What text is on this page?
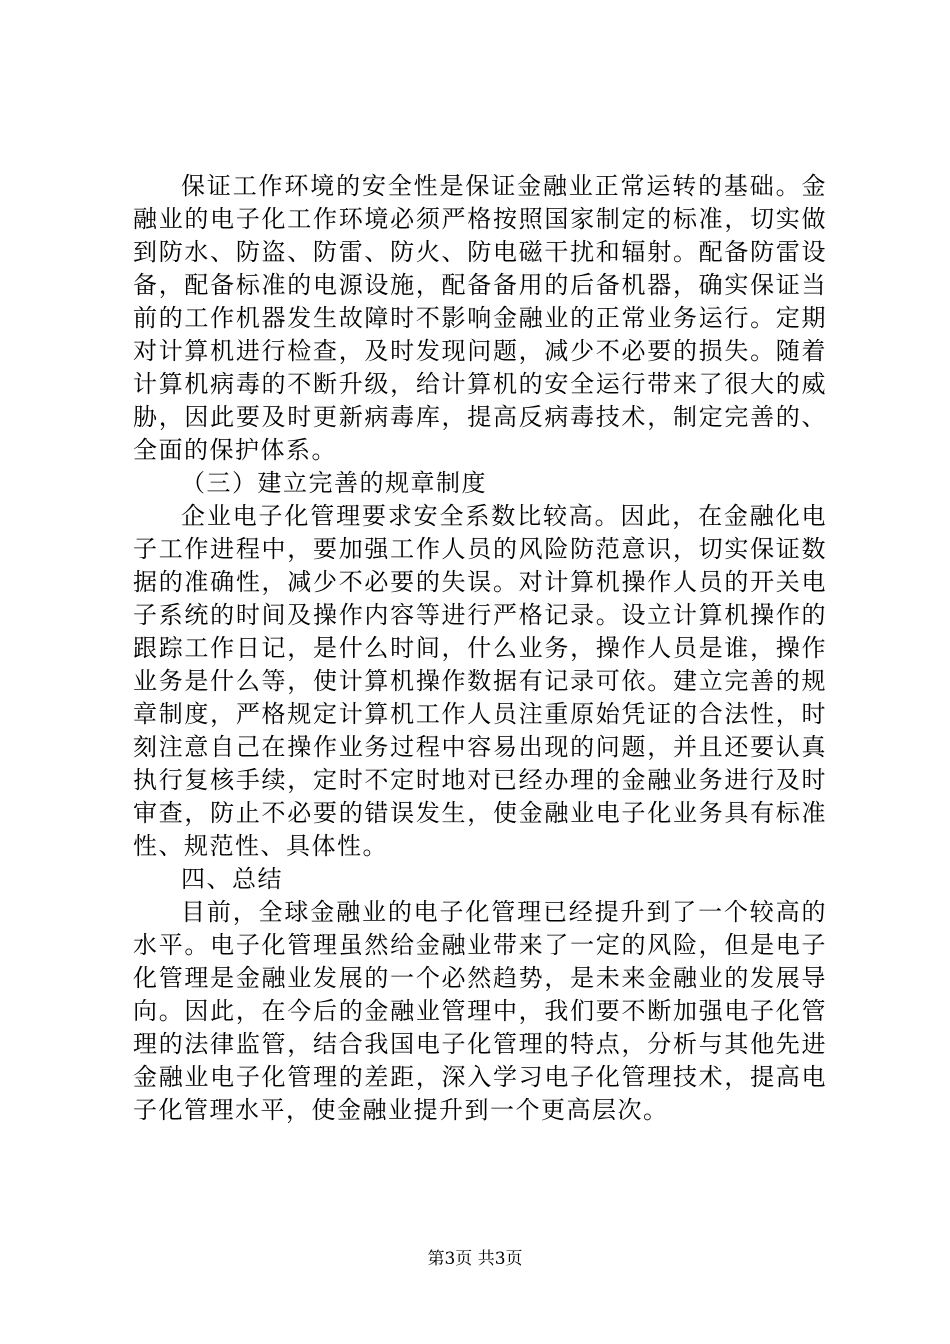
保证工作环境的安全性是保证金融业正常运转的基础。金融业的电子化工作环境必须严格按照国家制定的标准，切实做到防水、防盗、防雷、防火、防电磁干扰和辐射。配备防雷设备，配备标准的电源设施，配备备用的后备机器，确实保证当前的工作机器发生故障时不影响金融业的正常业务运行。定期对计算机进行检查，及时发现问题，减少不必要的损失。随着计算机病毒的不断升级，给计算机的安全运行带来了很大的威胁，因此要及时更新病毒库，提高反病毒技术，制定完善的、全面的保护体系。

（三）建立完善的规章制度

企业电子化管理要求安全系数比较高。因此，在金融化电子工作进程中，要加强工作人员的风险防范意识，切实保证数据的准确性，减少不必要的失误。对计算机操作人员的开关电子系统的时间及操作内容等进行严格记录。设立计算机操作的跟踪工作日记，是什么时间，什么业务，操作人员是谁，操作业务是什么等，使计算机操作数据有记录可依。建立完善的规章制度，严格规定计算机工作人员注重原始凭证的合法性，时刻注意自己在操作业务过程中容易出现的问题，并且还要认真执行复核手续，定时不定时地对已经办理的金融业务进行及时审查，防止不必要的错误发生，使金融业电子化业务具有标准性、规范性、具体性。

四、总结

目前，全球金融业的电子化管理已经提升到了一个较高的水平。电子化管理虽然给金融业带来了一定的风险，但是电子化管理是金融业发展的一个必然趋势，是未来金融业的发展导向。因此，在今后的金融业管理中，我们要不断加强电子化管理的法律监管，结合我国电子化管理的特点，分析与其他先进金融业电子化管理的差距，深入学习电子化管理技术，提高电子化管理水平，使金融业提升到一个更高层次。

第3页 共3页
